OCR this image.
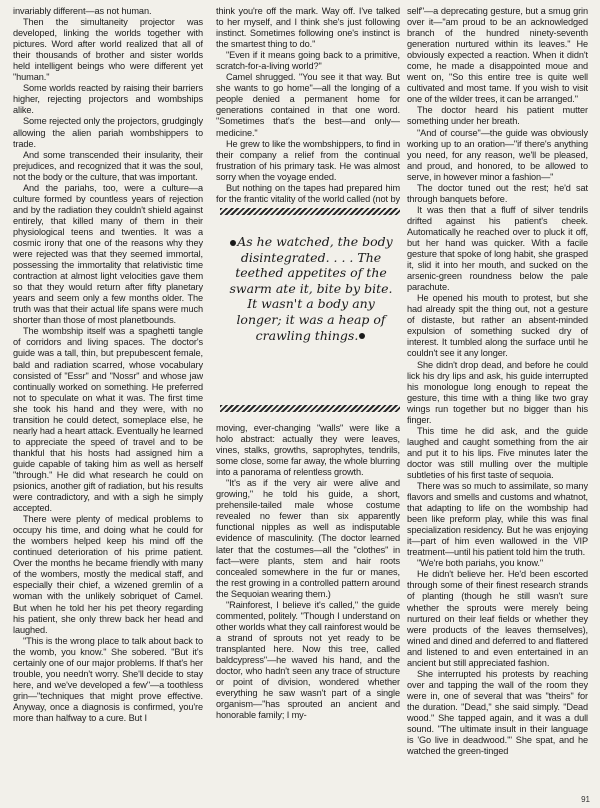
invariably different—as not human.

Then the simultaneity projector was developed, linking the worlds together with pictures. Word after world realized that all of their thousands of brother and sister worlds held intelligent beings who were different yet "human."

Some worlds reacted by raising their barriers higher, rejecting projectors and wombships alike.

Some rejected only the projectors, grudgingly allowing the alien pariah wombshippers to trade.

And some transcended their insularity, their prejudices, and recognized that it was the soul, not the body or the culture, that was important.

And the pariahs, too, were a culture—a culture formed by countless years of rejection and by the radiation they couldn't shield against entirely, that killed many of them in their physiological teens and twenties. It was a cosmic irony that one of the reasons why they were rejected was that they seemed immortal, possessing the immortality that relativistic time contraction at almost light velocities gave them so that they would return after fifty planetary years and seem only a few months older. The truth was that their actual life spans were much shorter than those of most planetbounds.

The wombship itself was a spaghetti tangle of corridors and living spaces. The doctor's guide was a tall, thin, but prepubescent female, bald and radiation scarred, whose vocabulary consisted of "Essr" and "Nossr" and whose jaw continually worked on something. He preferred not to speculate on what it was. The first time she took his hand and they were, with no transition he could detect, someplace else, he nearly had a heart attack. Eventually he learned to appreciate the speed of travel and to be thankful that his hosts had assigned him a guide capable of taking him as well as herself "through." He did what research he could on psionics, another gift of radiation, but his results were contradictory, and with a sigh he simply accepted.

There were plenty of medical problems to occupy his time, and doing what he could for the wombers helped keep his mind off the continued deterioration of his prime patient. Over the months he became friendly with many of the wombers, mostly the medical staff, and especially their chief, a wizened gremlin of a woman with the unlikely sobriquet of Camel. But when he told her his pet theory regarding his patient, she only threw back her head and laughed.

"This is the wrong place to talk about back to the womb, you know." She sobered. "But it's certainly one of our major problems. If that's her trouble, you needn't worry. She'll decide to stay here, and we've developed a few"—a toothless grin—"techniques that might prove effective. Anyway, once a diagnosis is confirmed, you're more than halfway to a cure. But I

think you're off the mark. Way off. I've talked to her myself, and I think she's just following instinct. Sometimes following one's instinct is the smartest thing to do."

"Even if it means going back to a primitive, scratch-for-a-living world?"

Camel shrugged. "You see it that way. But she wants to go home"—all the longing of a people denied a permanent home for generations contained in that one word. "Sometimes that's the best—and only—medicine."

He grew to like the wombshippers, to find in their company a relief from the continual frustration of his primary task. He was almost sorry when the voyage ended.

But nothing on the tapes had prepared him for the frantic vitality of the world called (not by

As he watched, the body disintegrated. . . . The teethed appetites of the swarm ate it, bite by bite. It wasn't a body any longer; it was a heap of crawling things.

moving, ever-changing "walls" were like a holo abstract: actually they were leaves, vines, stalks, growths, saprophytes, tendrils, some close, some far away, the whole blurring into a panorama of relentless growth.

"It's as if the very air were alive and growing," he told his guide, a short, prehensile-tailed male whose costume revealed no fewer than six apparently functional nipples as well as indisputable evidence of masculinity. (The doctor learned later that the costumes—all the "clothes" in fact—were plants, stem and hair roots concealed somewhere in the fur or manes, the rest growing in a controlled pattern around the Sequoian wearing them.)

"Rainforest, I believe it's called," the guide commented, politely. "Though I understand on other worlds what they call rainforest would be a strand of sprouts not yet ready to be transplanted here. Now this tree, called baldcypress"—he waved his hand, and the doctor, who hadn't seen any trace of structure or point of division, wondered whether everything he saw wasn't part of a single organism—"has sprouted an ancient and honorable family; I my-

self"—a deprecating gesture, but a smug grin over it—"am proud to be an acknowledged branch of the hundred ninety-seventh generation nurtured within its leaves." He obviously expected a reaction. When it didn't come, he made a disappointed moue and went on, "So this entire tree is quite well cultivated and most tame. If you wish to visit one of the wilder trees, it can be arranged."

The doctor heard his patient mutter something under her breath.

"And of course"—the guide was obviously working up to an oration—"if there's anything you need, for any reason, we'll be pleased, and proud, and honored, to be allowed to serve, in however minor a fashion—"

The doctor tuned out the rest; he'd sat through banquets before.

It was then that a fluff of silver tendrils drifted against his patient's cheek. Automatically he reached over to pluck it off, but her hand was quicker. With a facile gesture that spoke of long habit, she grasped it, slid it into her mouth, and sucked on the arsenic-green roundness below the pale parachute.

He opened his mouth to protest, but she had already spit the thing out, not a gesture of distaste, but rather an absent-minded expulsion of something sucked dry of interest. It tumbled along the surface until he couldn't see it any longer.

She didn't drop dead, and before he could lick his dry lips and ask, his guide interrupted his monologue long enough to repeat the gesture, this time with a thing like two gray wings run together but no bigger than his finger.

This time he did ask, and the guide laughed and caught something from the air and put it to his lips. Five minutes later the doctor was still mulling over the multiple subtleties of his first taste of sequoia.

There was so much to assimilate, so many flavors and smells and customs and whatnot, that adapting to life on the wombship had been like preform play, while this was final specialization residency. But he was enjoying it—part of him even wallowed in the VIP treatment—until his patient told him the truth.

"We're both pariahs, you know."

He didn't believe her. He'd been escorted through some of their finest research strands of planting (though he still wasn't sure whether the sprouts were merely being nurtured on their leaf fields or whether they were products of the leaves themselves), wined and dined and deferred to and flattered and listened to and even entertained in an ancient but still appreciated fashion.

She interrupted his protests by reaching over and tapping the wall of the room they were in, one of several that was "theirs" for the duration. "Dead," she said simply. "Dead wood." She tapped again, and it was a dull sound. "The ultimate insult in their language is 'Go live in deadwood.'" She spat, and he watched the green-tinged

91
